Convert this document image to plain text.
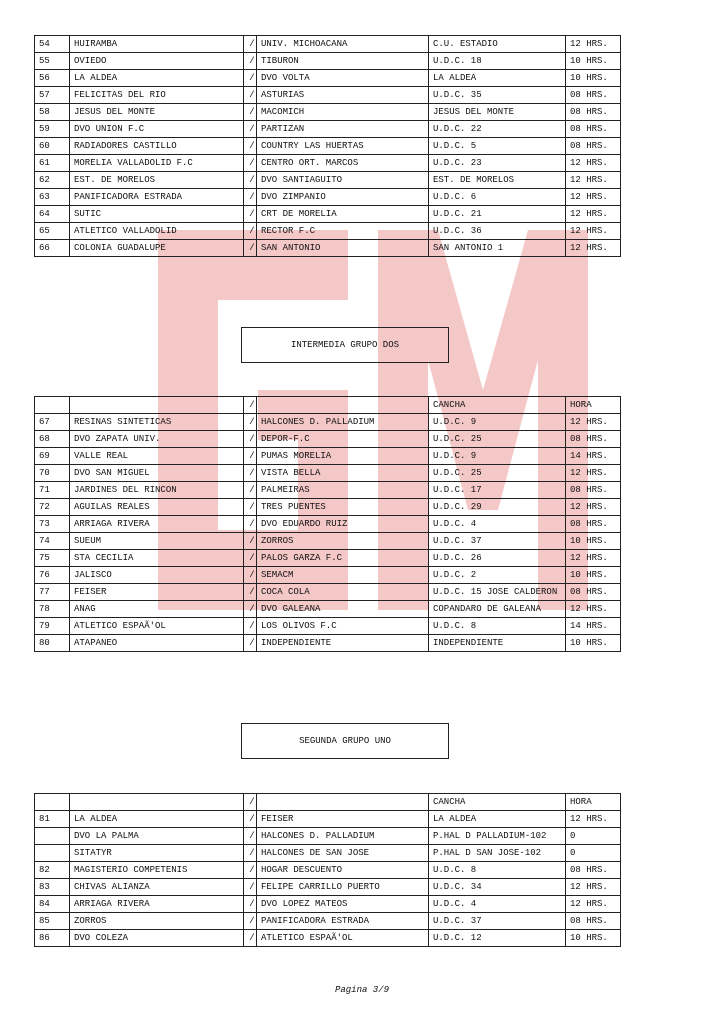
54	HUIRAMBA	/	UNIV. MICHOACANA	C.U. ESTADIO	12 HRS.
55	OVIEDO	/	TIBURON	U.D.C. 18	10 HRS.
56	LA ALDEA	/	DVO VOLTA	LA ALDEA	10 HRS.
57	FELICITAS DEL RIO	/	ASTURIAS	U.D.C. 35	08 HRS.
58	JESUS DEL MONTE	/	MACOMICH	JESUS DEL MONTE	08 HRS.
59	DVO UNION F.C	/	PARTIZAN	U.D.C. 22	08 HRS.
60	RADIADORES CASTILLO	/	COUNTRY LAS HUERTAS	U.D.C. 5	08 HRS.
61	MORELIA VALLADOLID F.C	/	CENTRO ORT. MARCOS	U.D.C. 23	12 HRS.
62	EST. DE MORELOS	/	DVO SANTIAGUITO	EST. DE MORELOS	12 HRS.
63	PANIFICADORA ESTRADA	/	DVO ZIMPANIO	U.D.C. 6	12 HRS.
64	SUTIC	/	CRT DE MORELIA	U.D.C. 21	12 HRS.
65	ATLETICO VALLADOLID	/	RECTOR F.C	U.D.C. 36	12 HRS.
66	COLONIA GUADALUPE	/	SAN ANTONIO	SAN ANTONIO 1	12 HRS.
INTERMEDIA GRUPO DOS
		/		CANCHA	HORA
67	RESINAS SINTETICAS	/	HALCONES D. PALLADIUM	U.D.C. 9	12 HRS.
68	DVO ZAPATA UNIV.	/	DEPOR-F.C	U.D.C. 25	08 HRS.
69	VALLE REAL	/	PUMAS MORELIA	U.D.C. 9	14 HRS.
70	DVO SAN MIGUEL	/	VISTA BELLA	U.D.C. 25	12 HRS.
71	JARDINES DEL RINCON	/	PALMEIRAS	U.D.C. 17	08 HRS.
72	AGUILAS REALES	/	TRES PUENTES	U.D.C. 29	12 HRS.
73	ARRIAGA RIVERA	/	DVO EDUARDO RUIZ	U.D.C. 4	08 HRS.
74	SUEUM	/	ZORROS	U.D.C. 37	10 HRS.
75	STA CECILIA	/	PALOS GARZA F.C	U.D.C. 26	12 HRS.
76	JALISCO	/	SEMACM	U.D.C. 2	10 HRS.
77	FEISER	/	COCA COLA	U.D.C. 15 JOSE CALDERON	08 HRS.
78	ANAG	/	DVO GALEANA	COPANDARO DE GALEANA	12 HRS.
79	ATLETICO ESPAÃ'OL	/	LOS OLIVOS F.C	U.D.C. 8	14 HRS.
80	ATAPANEO	/	INDEPENDIENTE	INDEPENDIENTE	10 HRS.
SEGUNDA GRUPO UNO
		/		CANCHA	HORA
81	LA ALDEA	/	FEISER	LA ALDEA	12 HRS.
	DVO LA PALMA	/	HALCONES D. PALLADIUM	P.HAL D PALLADIUM-102	0
	SITATYR	/	HALCONES DE SAN JOSE	P.HAL D SAN JOSE-102	0
82	MAGISTERIO COMPETENIS	/	HOGAR DESCUENTO	U.D.C. 8	08 HRS.
83	CHIVAS ALIANZA	/	FELIPE CARRILLO PUERTO	U.D.C. 34	12 HRS.
84	ARRIAGA RIVERA	/	DVO LOPEZ MATEOS	U.D.C. 4	12 HRS.
85	ZORROS	/	PANIFICADORA ESTRADA	U.D.C. 37	08 HRS.
86	DVO COLEZA	/	ATLETICO ESPAÃ'OL	U.D.C. 12	10 HRS.
Pagina 3/9
